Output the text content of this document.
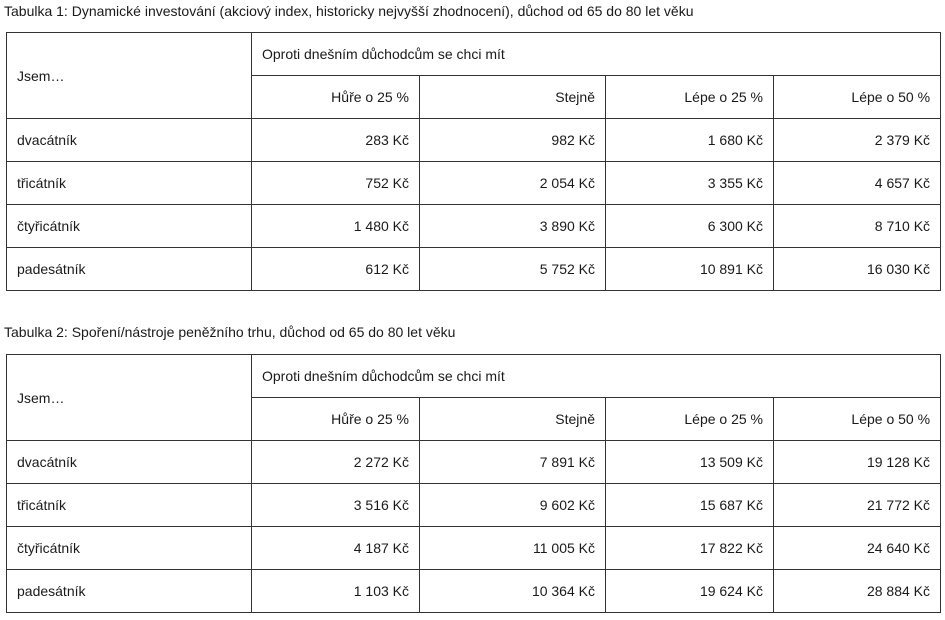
Tabulka 1: Dynamické investování (akciový index, historicky nejvyšší zhodnocení), důchod od 65 do 80 let věku
Jsem…	Oproti dnešním důchodcům se chci mít			
	Hůře o 25 %	Stejně	Lépe o 25 %	Lépe o 50 %
dvacátník	283 Kč	982 Kč	1 680 Kč	2 379 Kč
třicátník	752 Kč	2 054 Kč	3 355 Kč	4 657 Kč
čtyřicátník	1 480 Kč	3 890 Kč	6 300 Kč	8 710 Kč
padesátník	612 Kč	5 752 Kč	10 891 Kč	16 030 Kč
Tabulka 2: Spoření/nástroje peněžního trhu, důchod od 65 do 80 let věku
Jsem…	Oproti dnešním důchodcům se chci mít			
	Hůře o 25 %	Stejně	Lépe o 25 %	Lépe o 50 %
dvacátník	2 272 Kč	7 891 Kč	13 509 Kč	19 128 Kč
třicátník	3 516 Kč	9 602 Kč	15 687 Kč	21 772 Kč
čtyřicátník	4 187 Kč	11 005 Kč	17 822 Kč	24 640 Kč
padesátník	1 103 Kč	10 364 Kč	19 624 Kč	28 884 Kč
